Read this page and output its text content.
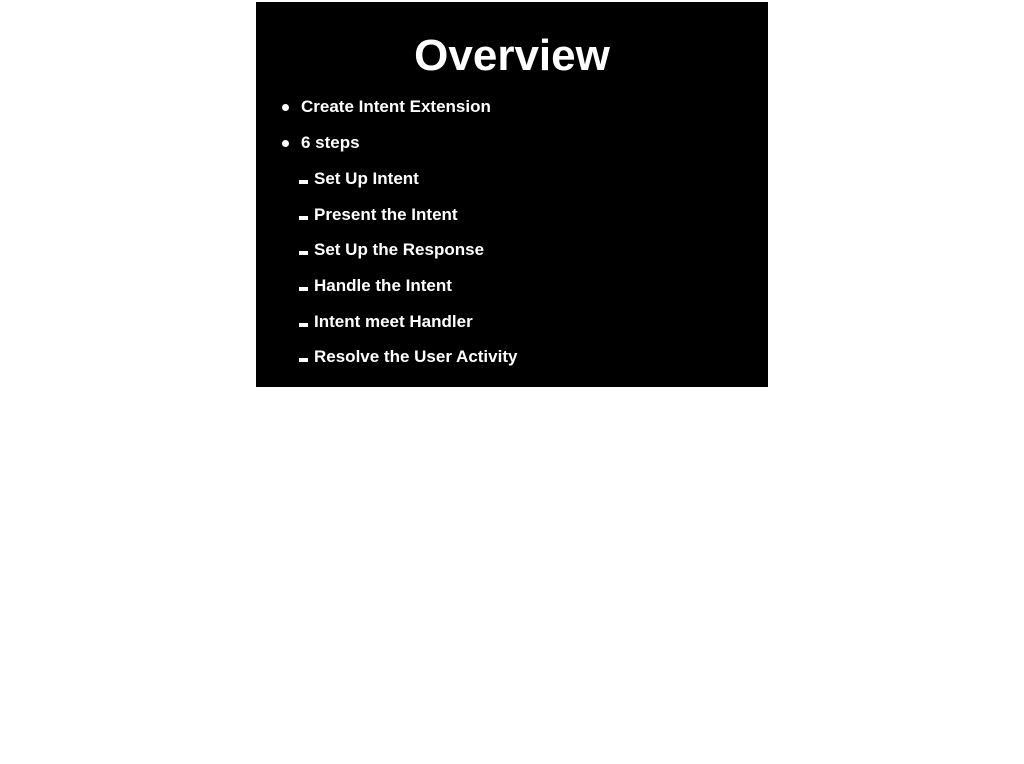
Overview
Create Intent Extension
6 steps
Set Up Intent
Present the Intent
Set Up the Response
Handle the Intent
Intent meet Handler
Resolve the User Activity
